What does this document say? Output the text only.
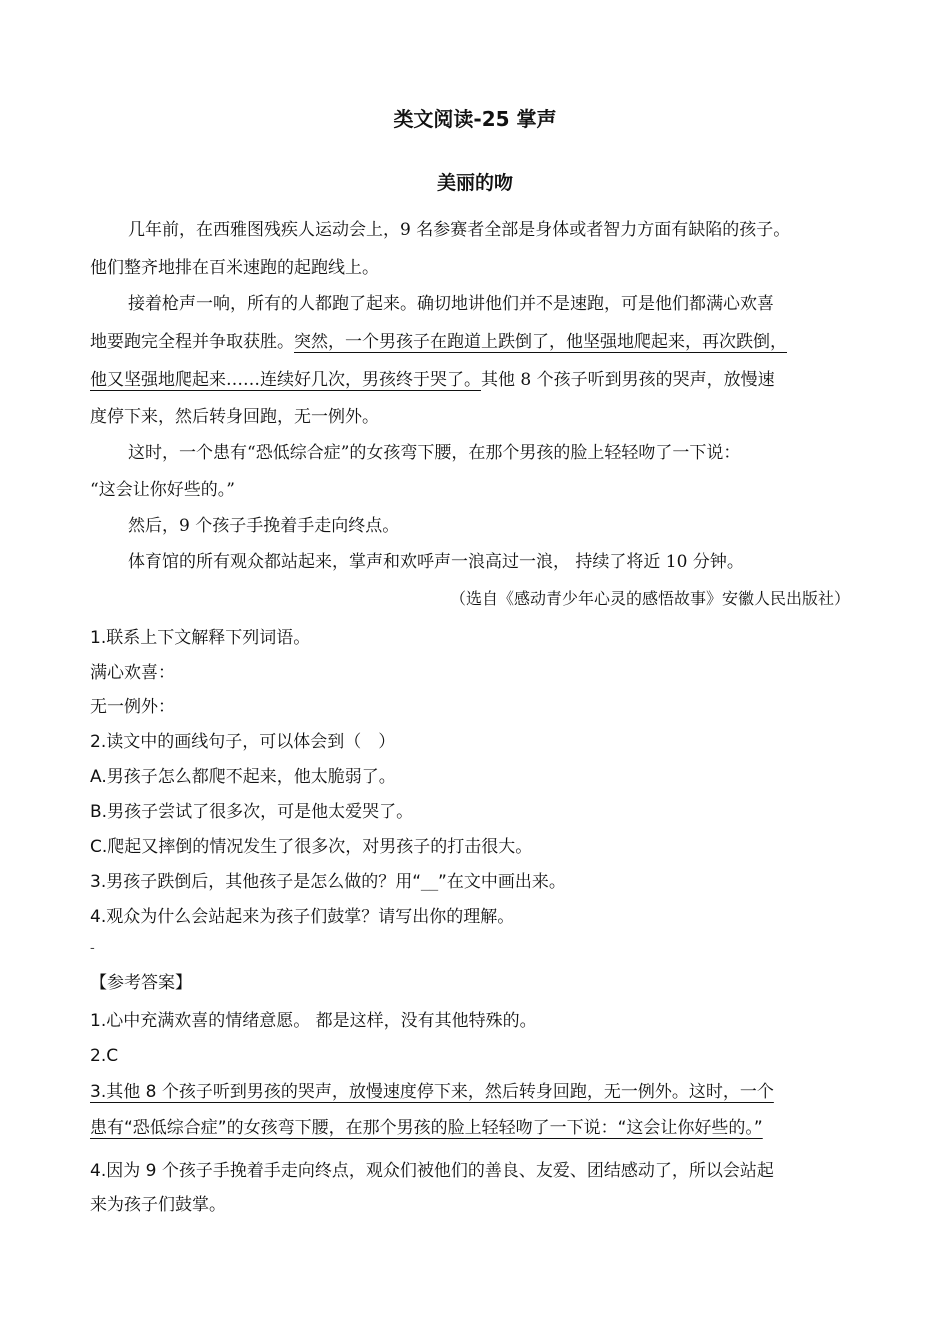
类文阅读-25 掌声
美丽的吻
几年前，在西雅图残疾人运动会上，9 名参赛者全部是身体或者智力方面有缺陷的孩子。
他们整齐地排在百米速跑的起跑线上。
接着枪声一响，所有的人都跑了起来。确切地讲他们并不是速跑，可是他们都满心欢喜
地要跑完全程并争取获胜。突然，一个男孩子在跑道上跌倒了，他坚强地爬起来，再次跌倒，
他又坚强地爬起来……连续好几次，男孩终于哭了。其他 8 个孩子听到男孩的哭声，放慢速
度停下来，然后转身回跑，无一例外。
这时，一个患有“恐低综合症”的女孩弯下腰，在那个男孩的脸上轻轻吻了一下说：
“这会让你好些的。”
然后，9 个孩子手挽着手走向终点。
体育馆的所有观众都站起来，掌声和欢呼声一浪高过一浪， 持续了将近 10 分钟。
（选自《感动青少年心灵的感悟故事》安徽人民出版社）
1.联系上下文解释下列词语。
满心欢喜：
无一例外：
2.读文中的画线句子，可以体会到（　）
A.男孩子怎么都爬不起来，他太脆弱了。
B.男孩子尝试了很多次，可是他太爱哭了。
C.爬起又摔倒的情况发生了很多次，对男孩子的打击很大。
3.男孩子跌倒后，其他孩子是怎么做的？用“__”在文中画出来。
4.观众为什么会站起来为孩子们鼓掌？请写出你的理解。
-
【参考答案】
1.心中充满欢喜的情绪意愿。 都是这样，没有其他特殊的。
2.C
3.其他 8 个孩子听到男孩的哭声，放慢速度停下来，然后转身回跑，无一例外。这时，一个
患有“恐低综合症”的女孩弯下腰，在那个男孩的脸上轻轻吻了一下说：“这会让你好些的。”
4.因为 9 个孩子手挽着手走向终点，观众们被他们的善良、友爱、团结感动了，所以会站起
来为孩子们鼓掌。
